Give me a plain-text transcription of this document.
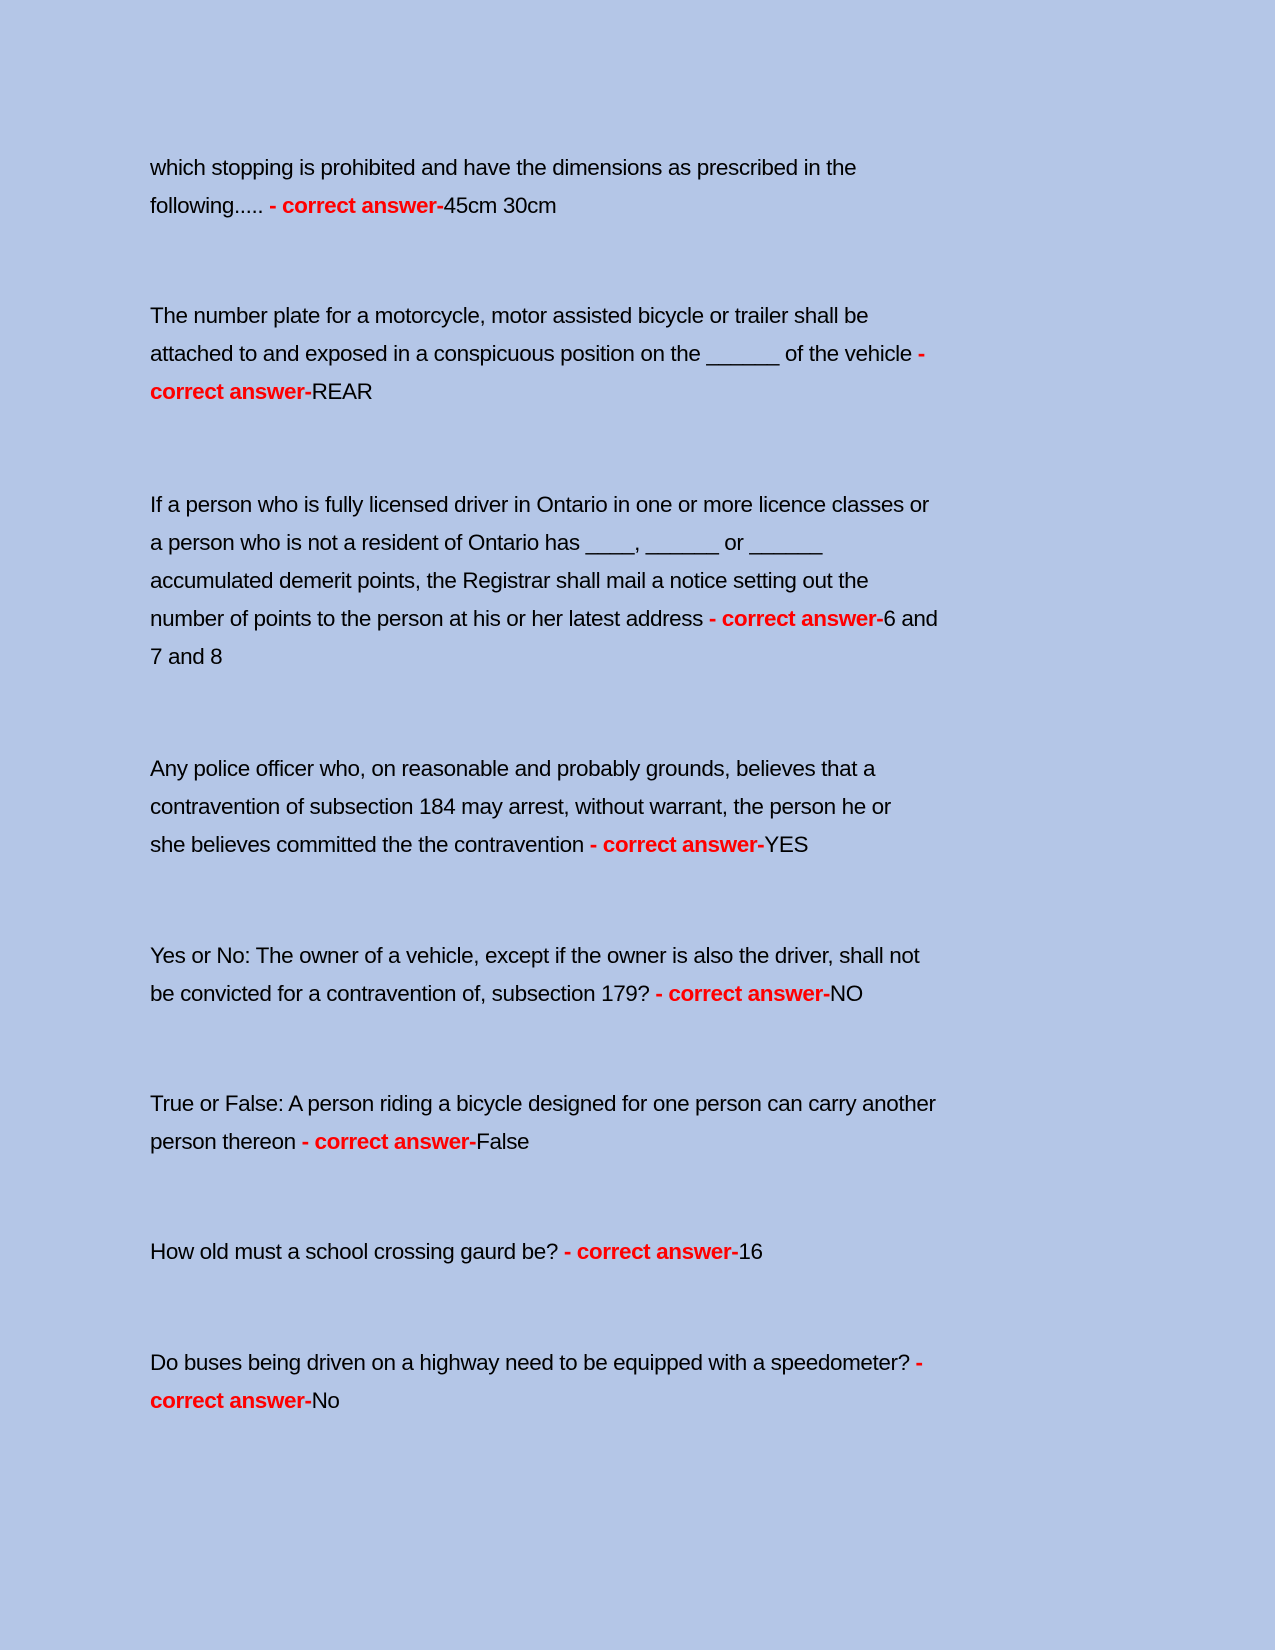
which stopping is prohibited and have the dimensions as prescribed in the
following..... - correct answer-45cm 30cm
The number plate for a motorcycle, motor assisted bicycle or trailer shall be
attached to and exposed in a conspicuous position on the ______ of the vehicle -
correct answer-REAR
If a person who is fully licensed driver in Ontario in one or more licence classes or
a person who is not a resident of Ontario has ____, ______ or ______
accumulated demerit points, the Registrar shall mail a notice setting out the
number of points to the person at his or her latest address - correct answer-6 and
7 and 8
Any police officer who, on reasonable and probably grounds, believes that a
contravention of subsection 184 may arrest, without warrant, the person he or
she believes committed the the contravention - correct answer-YES
Yes or No: The owner of a vehicle, except if the owner is also the driver, shall not
be convicted for a contravention of, subsection 179? - correct answer-NO
True or False: A person riding a bicycle designed for one person can carry another
person thereon - correct answer-False
How old must a school crossing gaurd be? - correct answer-16
Do buses being driven on a highway need to be equipped with a speedometer? -
correct answer-No
